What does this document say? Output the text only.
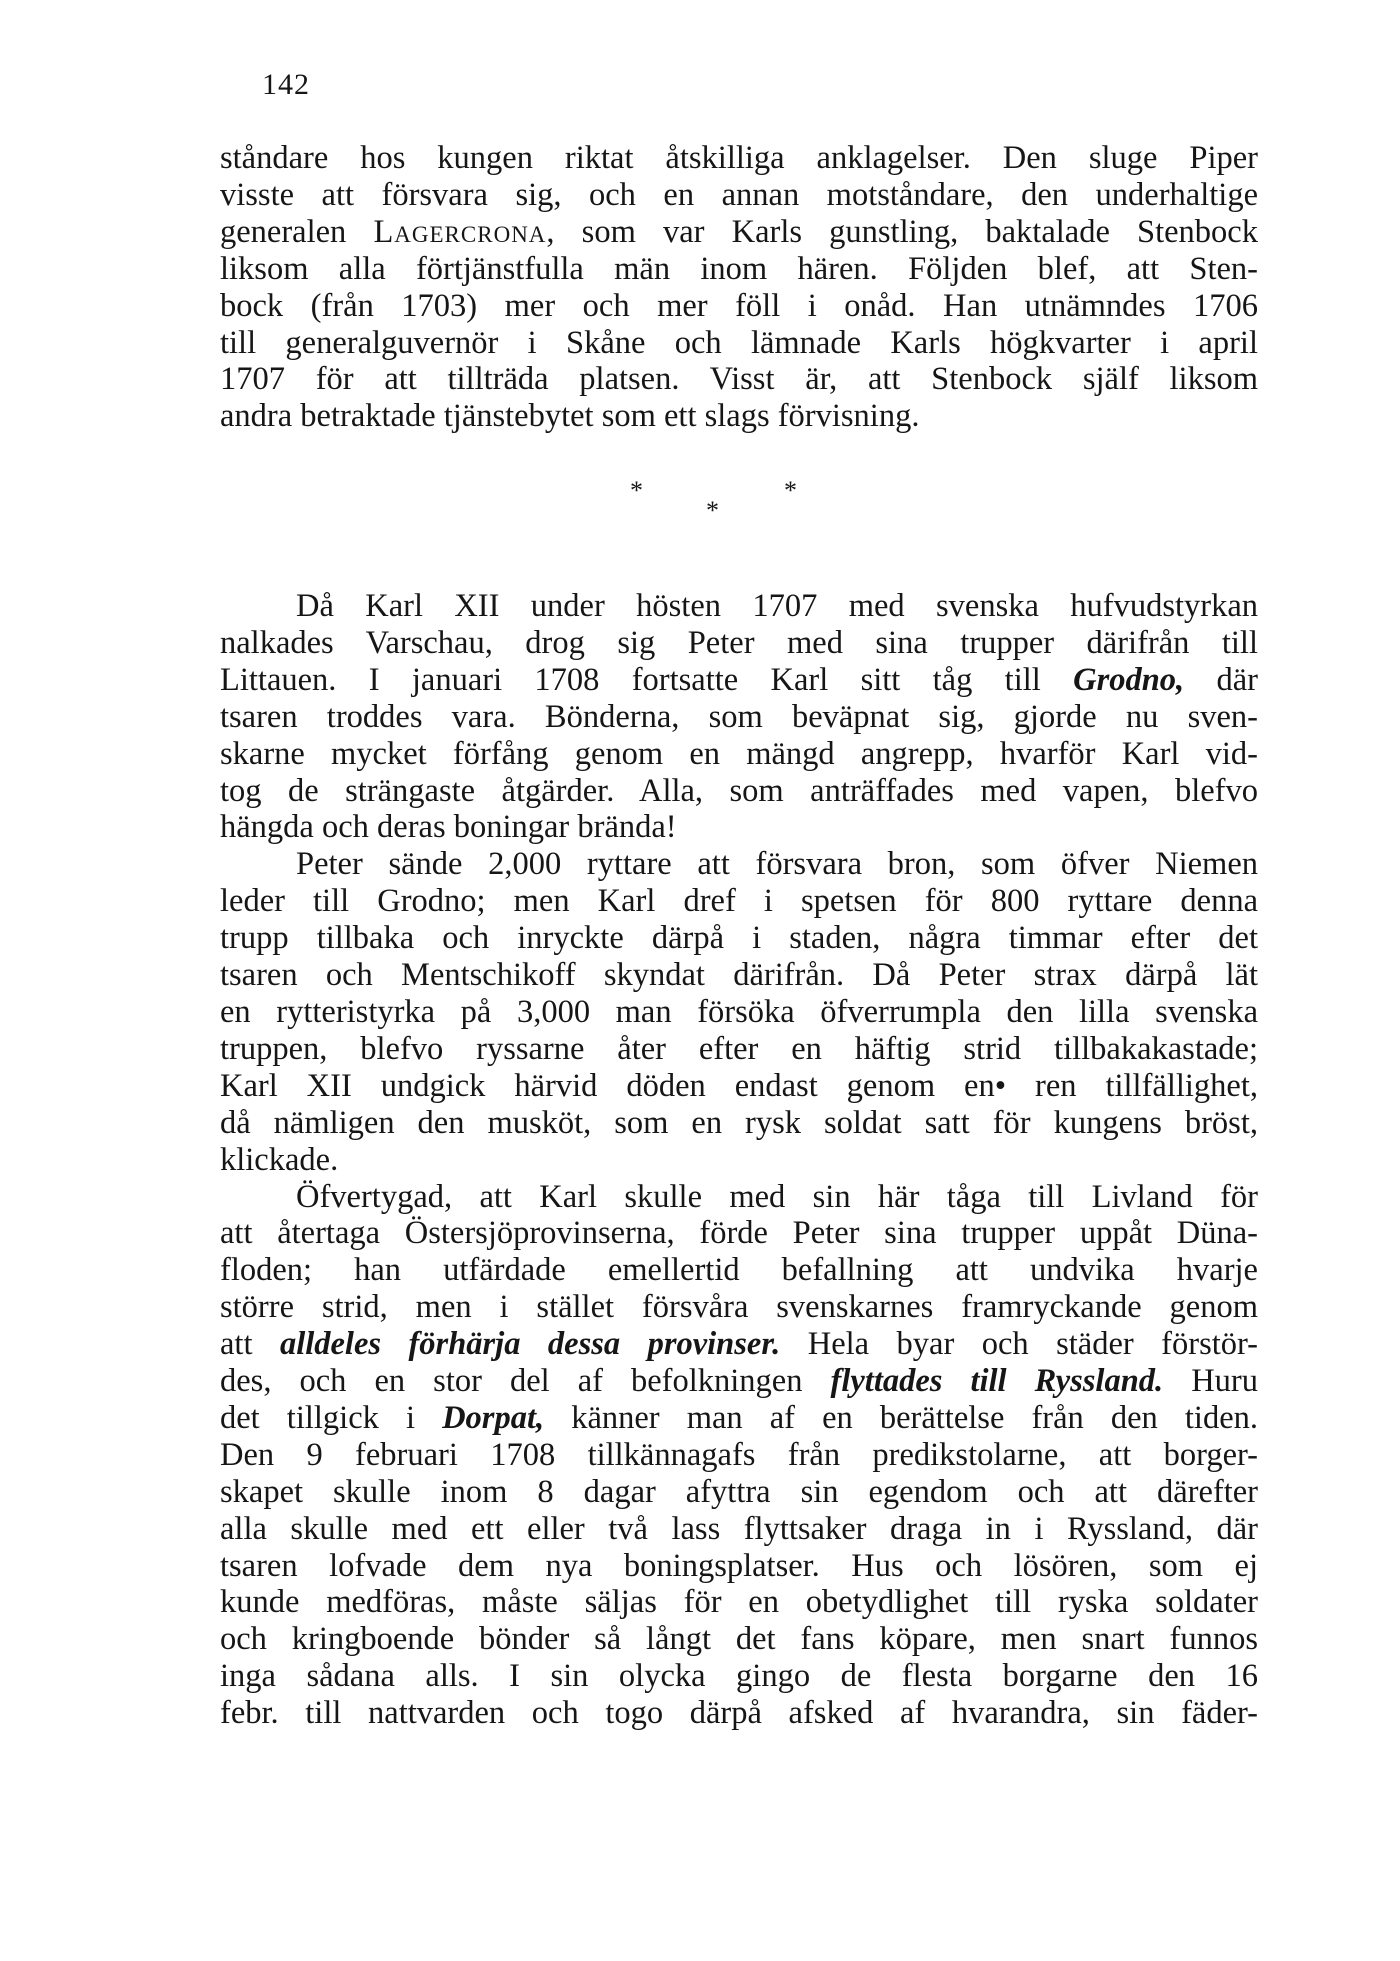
142

ståndare hos kungen riktat åtskilliga anklagelser. Den sluge Piper
visste att försvara sig, och en annan motståndare, den underhaltige
generalen Lagercrona, som var Karls gunstling, baktalade Stenbock
liksom alla förtjänstfulla män inom hären. Följden blef, att Sten-
bock (från 1703) mer och mer föll i onåd. Han utnämndes 1706
till generalguvernör i Skåne och lämnade Karls högkvarter i april
1707 för att tillträda platsen. Visst är, att Stenbock själf liksom
andra betraktade tjänstebytet som ett slags förvisning.

*
*
*

Då Karl XII under hösten 1707 med svenska hufvudstyrkan
nalkades Varschau, drog sig Peter med sina trupper därifrån till
Littauen. I januari 1708 fortsatte Karl sitt tåg till Grodno, där
tsaren troddes vara. Bönderna, som beväpnat sig, gjorde nu sven-
skarne mycket förfång genom en mängd angrepp, hvarför Karl vid-
tog de strängaste åtgärder. Alla, som anträffades med vapen, blefvo
hängda och deras boningar brända!

Peter sände 2,000 ryttare att försvara bron, som öfver Niemen
leder till Grodno; men Karl dref i spetsen för 800 ryttare denna
trupp tillbaka och inryckte därpå i staden, några timmar efter det
tsaren och Mentschikoff skyndat därifrån. Då Peter strax därpå lät
en rytteristyrka på 3,000 man försöka öfverrumpla den lilla svenska
truppen, blefvo ryssarne åter efter en häftig strid tillbakakastade;
Karl XII undgick härvid döden endast genom en• ren tillfällighet,
då nämligen den musköt, som en rysk soldat satt för kungens bröst,
klickade.

Öfvertygad, att Karl skulle med sin här tåga till Livland för
att återtaga Östersjöprovinserna, förde Peter sina trupper uppåt Düna-
floden; han utfärdade emellertid befallning att undvika hvarje
större strid, men i stället försvåra svenskarnes framryckande genom
att alldeles förhärja dessa provinser. Hela byar och städer förstör-
des, och en stor del af befolkningen flyttades till Ryssland. Huru
det tillgick i Dorpat, känner man af en berättelse från den tiden.
Den 9 februari 1708 tillkännagafs från predikstolarne, att borger-
skapet skulle inom 8 dagar afyttra sin egendom och att därefter
alla skulle med ett eller två lass flyttsaker draga in i Ryssland, där
tsaren lofvade dem nya boningsplatser. Hus och lösören, som ej
kunde medföras, måste säljas för en obetydlighet till ryska soldater
och kringboende bönder så långt det fans köpare, men snart funnos
inga sådana alls. I sin olycka gingo de flesta borgarne den 16
febr. till nattvarden och togo därpå afsked af hvarandra, sin fäder-
